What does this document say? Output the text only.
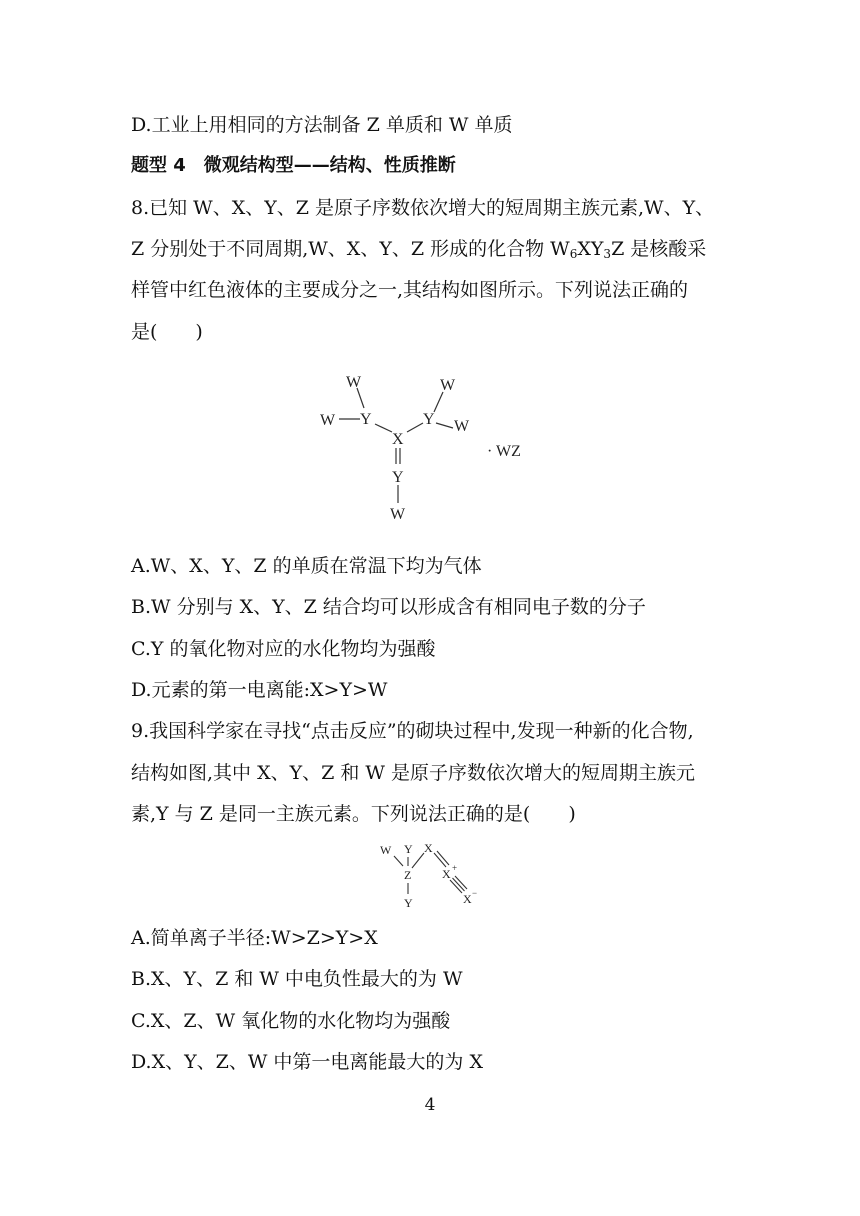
D.工业上用相同的方法制备 Z 单质和 W 单质
题型 4　微观结构型——结构、性质推断
8.已知 W、X、Y、Z 是原子序数依次增大的短周期主族元素,W、Y、
Z 分别处于不同周期,W、X、Y、Z 形成的化合物 $W_6XY_3Z$ 是核酸采
样管中红色液体的主要成分之一,其结构如图所示。下列说法正确的
是(　　)
W
W Y
X
Y
W
W
Y
W
· WZ
A.W、X、Y、Z 的单质在常温下均为气体
B.W 分别与 X、Y、Z 结合均可以形成含有相同电子数的分子
C.Y 的氧化物对应的水化物均为强酸
D.元素的第一电离能:X>Y>W
9.我国科学家在寻找“点击反应”的砌块过程中,发现一种新的化合物,
结构如图,其中 X、Y、Z 和 W 是原子序数依次增大的短周期主族元
素,Y 与 Z 是同一主族元素。下列说法正确的是(　　)
W Y
Z
Y
X
X +
X −
A.简单离子半径:W>Z>Y>X
B.X、Y、Z 和 W 中电负性最大的为 W
C.X、Z、W 氧化物的水化物均为强酸
D.X、Y、Z、W 中第一电离能最大的为 X
4
